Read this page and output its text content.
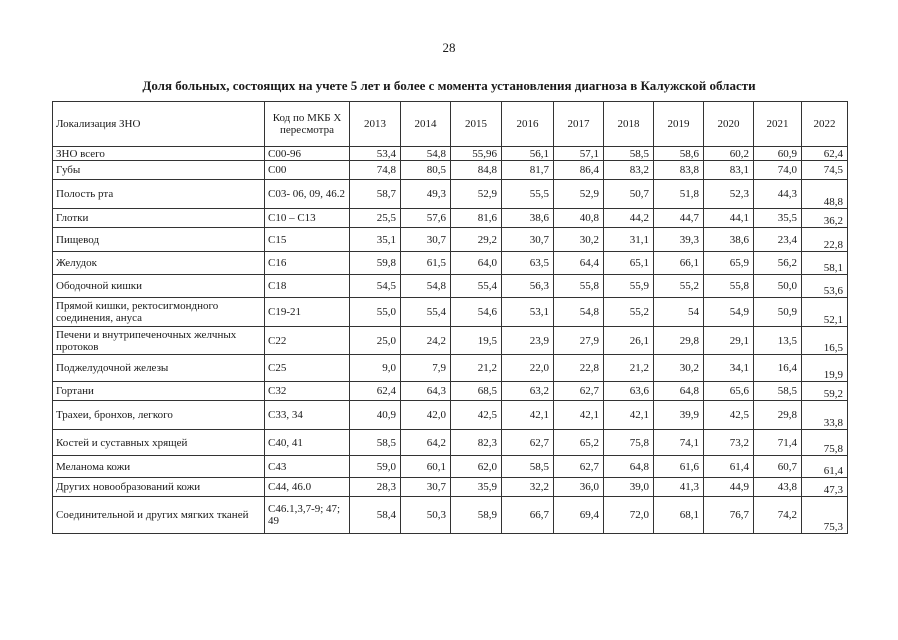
28
Доля больных, состоящих на учете 5 лет и более с момента установления диагноза в Калужской области
Локализация ЗНО	Код по МКБ X пересмотра	2013	2014	2015	2016	2017	2018	2019	2020	2021	2022
ЗНО всего	С00-96	53,4	54,8	55,96	56,1	57,1	58,5	58,6	60,2	60,9	62,4
Губы	С00	74,8	80,5	84,8	81,7	86,4	83,2	83,8	83,1	74,0	74,5
Полость рта	С03- 06, 09, 46.2	58,7	49,3	52,9	55,5	52,9	50,7	51,8	52,3	44,3	48,8
Глотки	С10 – С13	25,5	57,6	81,6	38,6	40,8	44,2	44,7	44,1	35,5	36,2
Пищевод	С15	35,1	30,7	29,2	30,7	30,2	31,1	39,3	38,6	23,4	22,8
Желудок	С16	59,8	61,5	64,0	63,5	64,4	65,1	66,1	65,9	56,2	58,1
Ободочной кишки	С18	54,5	54,8	55,4	56,3	55,8	55,9	55,2	55,8	50,0	53,6
Прямой кишки, ректосигмондного соединения, ануса	С19-21	55,0	55,4	54,6	53,1	54,8	55,2	54	54,9	50,9	52,1
Печени и внутрипеченочных желчных протоков	С22	25,0	24,2	19,5	23,9	27,9	26,1	29,8	29,1	13,5	16,5
Поджелудочной железы	С25	9,0	7,9	21,2	22,0	22,8	21,2	30,2	34,1	16,4	19,9
Гортани	С32	62,4	64,3	68,5	63,2	62,7	63,6	64,8	65,6	58,5	59,2
Трахеи, бронхов, легкого	С33, 34	40,9	42,0	42,5	42,1	42,1	42,1	39,9	42,5	29,8	33,8
Костей и суставных хрящей	С40, 41	58,5	64,2	82,3	62,7	65,2	75,8	74,1	73,2	71,4	75,8
Меланома кожи	С43	59,0	60,1	62,0	58,5	62,7	64,8	61,6	61,4	60,7	61,4
Других новообразований кожи	С44, 46.0	28,3	30,7	35,9	32,2	36,0	39,0	41,3	44,9	43,8	47,3
Соединительной и других мягких тканей	С46.1,3,7-9; 47; 49	58,4	50,3	58,9	66,7	69,4	72,0	68,1	76,7	74,2	75,3
